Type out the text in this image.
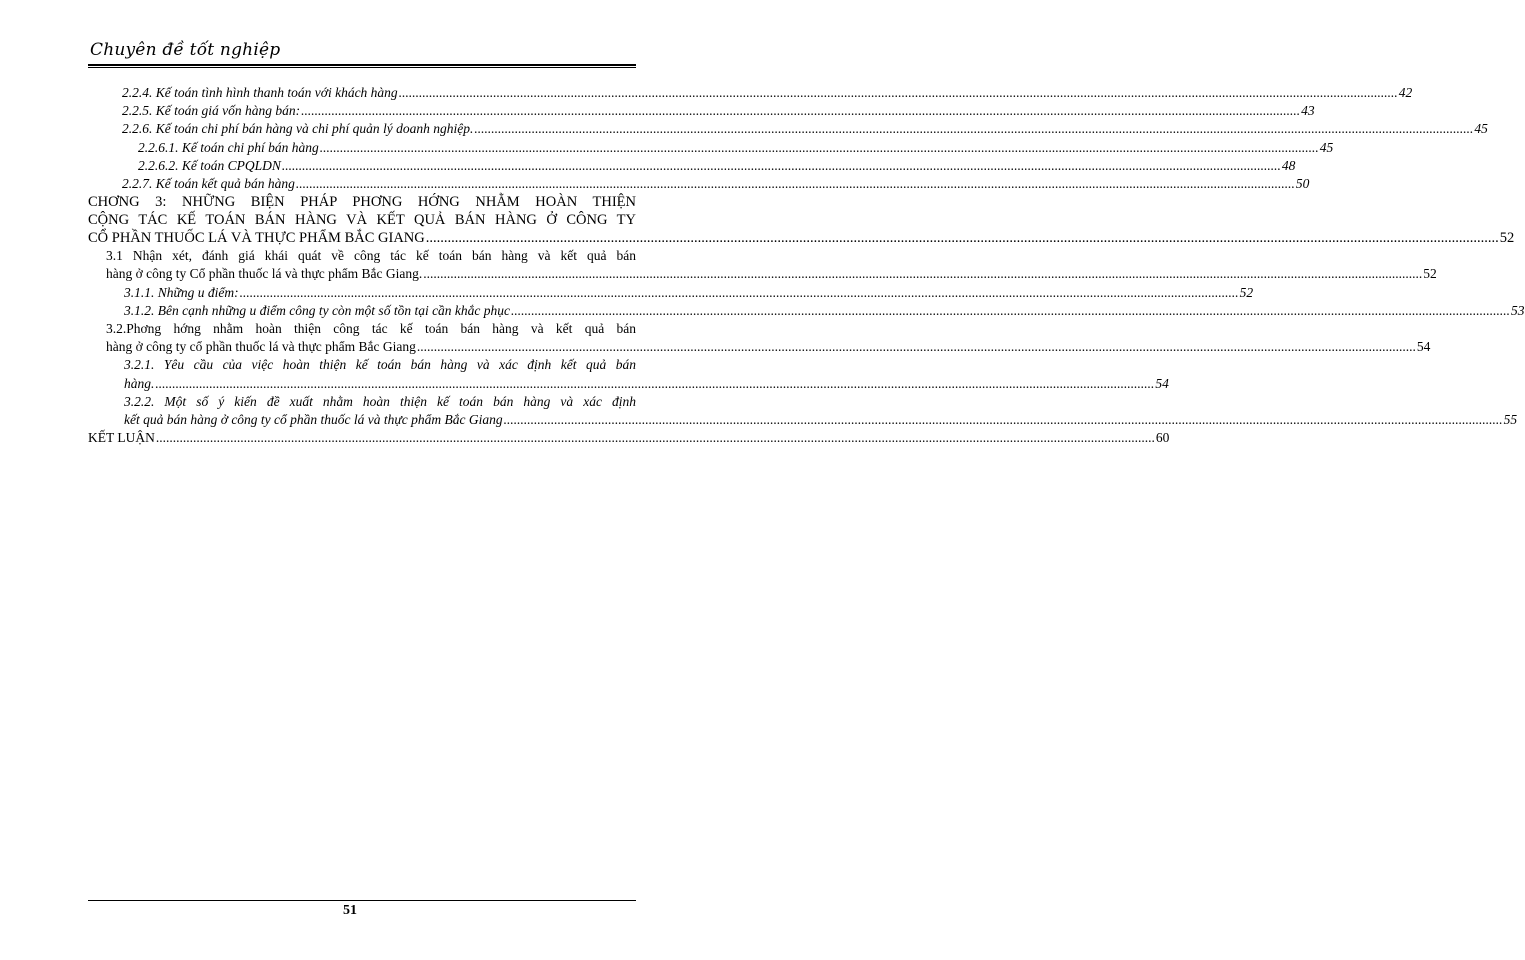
Chuyên đề tốt nghiệp
2.2.4. Kế toán tình hình thanh toán với khách hàng .....	42
2.2.5. Kế toán giá vốn hàng bán: .....	43
2.2.6. Kế toán chi phí bán hàng và chi phí quản lý doanh nghiệp. .....	45
2.2.6.1. Kế toán chi phí bán hàng .....	45
2.2.6.2. Kế toán CPQLDN .....	48
2.2.7. Kế toán kết quả bán hàng .....	50
CHƠNG 3: NHỮNG BIỆN PHÁP PHƠNG HỚNG NHẰM HOÀN THIỆN
CỘNG TÁC KẾ TOÁN BÁN HÀNG VÀ KẾT QUẢ BÁN HÀNG Ở CÔNG TY
CỔ PHẦN THUỐC LÁ VÀ THỰC PHẨM BẮC GIANG .....	52
3.1 Nhận xét, đánh giá khái quát về công tác kế toán bán hàng và kết quả bán
hàng ở công ty Cổ phần thuốc lá và thực phẩm Bắc Giang. .....	52
3.1.1. Những u điểm: .....	52
3.1.2. Bên cạnh những u điểm công ty còn một số tồn tại cần khắc phục .....	53
3.2.Phơng hớng nhằm hoàn thiện công tác kế toán bán hàng và kết quả bán
hàng ở công ty cổ phần thuốc lá và thực phẩm Bắc Giang .....	54
3.2.1. Yêu cầu của việc hoàn thiện kế toán bán hàng và xác định kết quả bán
hàng. .....	54
3.2.2. Một số ý kiến đề xuất nhằm hoàn thiện kế toán bán hàng và xác định
kết quả bán hàng ở công ty cổ phần thuốc lá và thực phẩm Bắc Giang .....	55
KẾT LUẬN .....	60
51
